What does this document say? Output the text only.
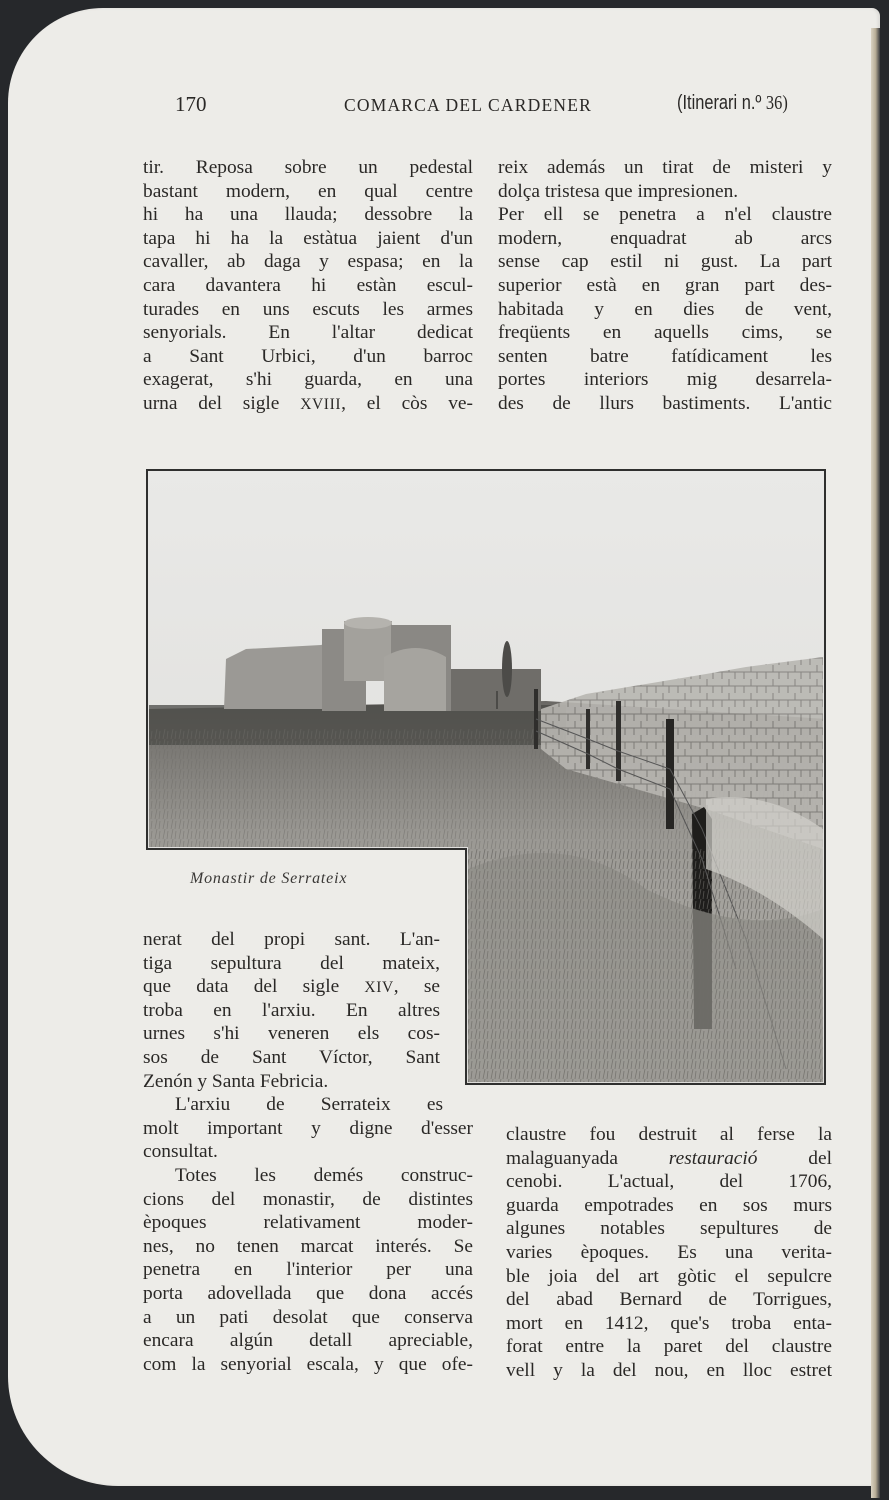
170	COMARCA DEL CARDENER	(Itinerari n.º 36)
tir. Reposa sobre un pedestal
bastant modern, en qual centre
hi ha una llauda; dessobre la
tapa hi ha la estàtua jaient d'un
cavaller, ab daga y espasa; en la
cara davantera hi estàn escul-
turades en uns escuts les armes
senyorials. En l'altar dedicat
a Sant Urbici, d'un barroc
exagerat, s'hi guarda, en una
urna del sigle XVIII, el còs ve-
reix además un tirat de misteri y
dolça tristesa que impresionen.
Per ell se penetra a n'el claustre
modern, enquadrat ab arcs
sense cap estil ni gust. La part
superior està en gran part des-
habitada y en dies de vent,
freqüents en aquells cims, se
senten batre fatídicament les
portes interiors mig desarrela-
des de llurs bastiments. L'antic
Monastir de Serrateix
nerat del propi sant. L'an-
tiga sepultura del mateix,
que data del sigle XIV, se
troba en l'arxiu. En altres
urnes s'hi veneren els cos-
sos de Sant Víctor, Sant
Zenón y Santa Febricia.
L'arxiu de Serrateix es
molt important y digne d'esser
consultat.
Totes les demés construc-
cions del monastir, de distintes
èpoques relativament moder-
nes, no tenen marcat interés. Se
penetra en l'interior per una
porta adovellada que dona accés
a un pati desolat que conserva
encara algún detall apreciable,
com la senyorial escala, y que ofe-
claustre fou destruit al ferse la
malaguanyada restauració del
cenobi. L'actual, del 1706,
guarda empotrades en sos murs
algunes notables sepultures de
varies èpoques. Es una verita-
ble joia del art gòtic el sepulcre
del abad Bernard de Torrigues,
mort en 1412, que's troba enta-
forat entre la paret del claustre
vell y la del nou, en lloc estret
